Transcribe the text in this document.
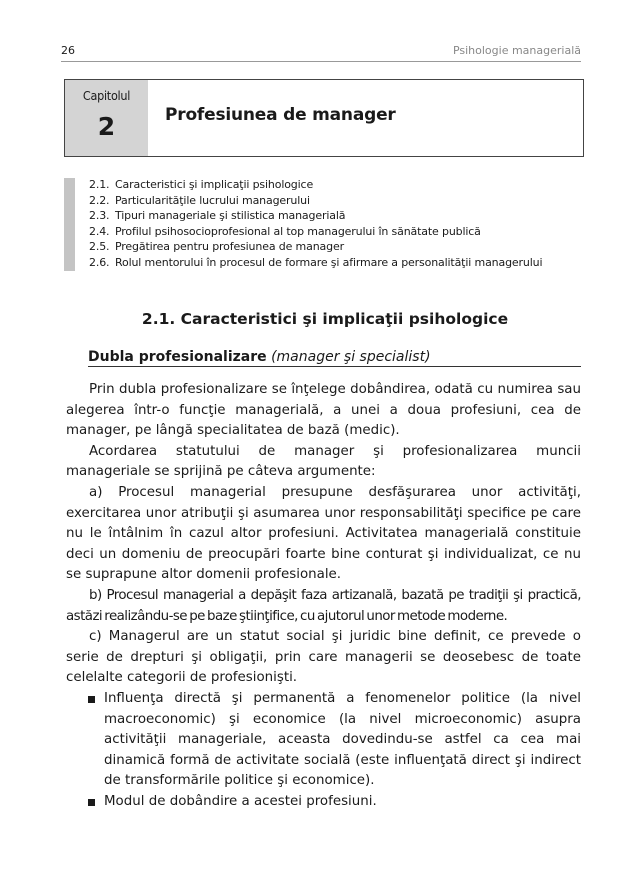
26	Psihologie managerială
Capitolul
2	Profesiunea de manager
2.1. Caracteristici şi implicaţii psihologice
2.2. Particularităţile lucrului managerului
2.3. Tipuri manageriale şi stilistica managerială
2.4. Profilul psihosocioprofesional al top managerului în sănătate publică
2.5. Pregătirea pentru profesiunea de manager
2.6. Rolul mentorului în procesul de formare şi afirmare a personalităţii managerului
2.1. Caracteristici şi implicaţii psihologice
Dubla profesionalizare (manager şi specialist)

Prin dubla profesionalizare se înţelege dobândirea, odată cu numirea sau alegerea într-o funcţie managerială, a unei a doua profesiuni, cea de manager, pe lângă specialitatea de bază (medic).

Acordarea statutului de manager şi profesionalizarea muncii manageriale se sprijină pe câteva argumente:

a) Procesul managerial presupune desfăşurarea unor activităţi, exercitarea unor atribuţii şi asumarea unor responsabilităţi specifice pe care nu le întâlnim în cazul altor profesiuni. Activitatea managerială constituie deci un domeniu de preocupări foarte bine conturat şi individualizat, ce nu se suprapune altor domenii profesionale.

b) Procesul managerial a depăşit faza artizanală, bazată pe tradiţii şi practică, astăzi realizându-se pe baze ştiinţifice, cu ajutorul unor metode moderne.

c) Managerul are un statut social şi juridic bine definit, ce prevede o serie de drepturi şi obligaţii, prin care managerii se deosebesc de toate celelalte categorii de profesionişti.

Influenţa directă şi permanentă a fenomenelor politice (la nivel macroeconomic) şi economice (la nivel microeconomic) asupra activităţii manageriale, aceasta dovedindu-se astfel ca cea mai dinamică formă de activitate socială (este influenţată direct şi indirect de transformările politice şi economice).
Modul de dobândire a acestei profesiuni.
